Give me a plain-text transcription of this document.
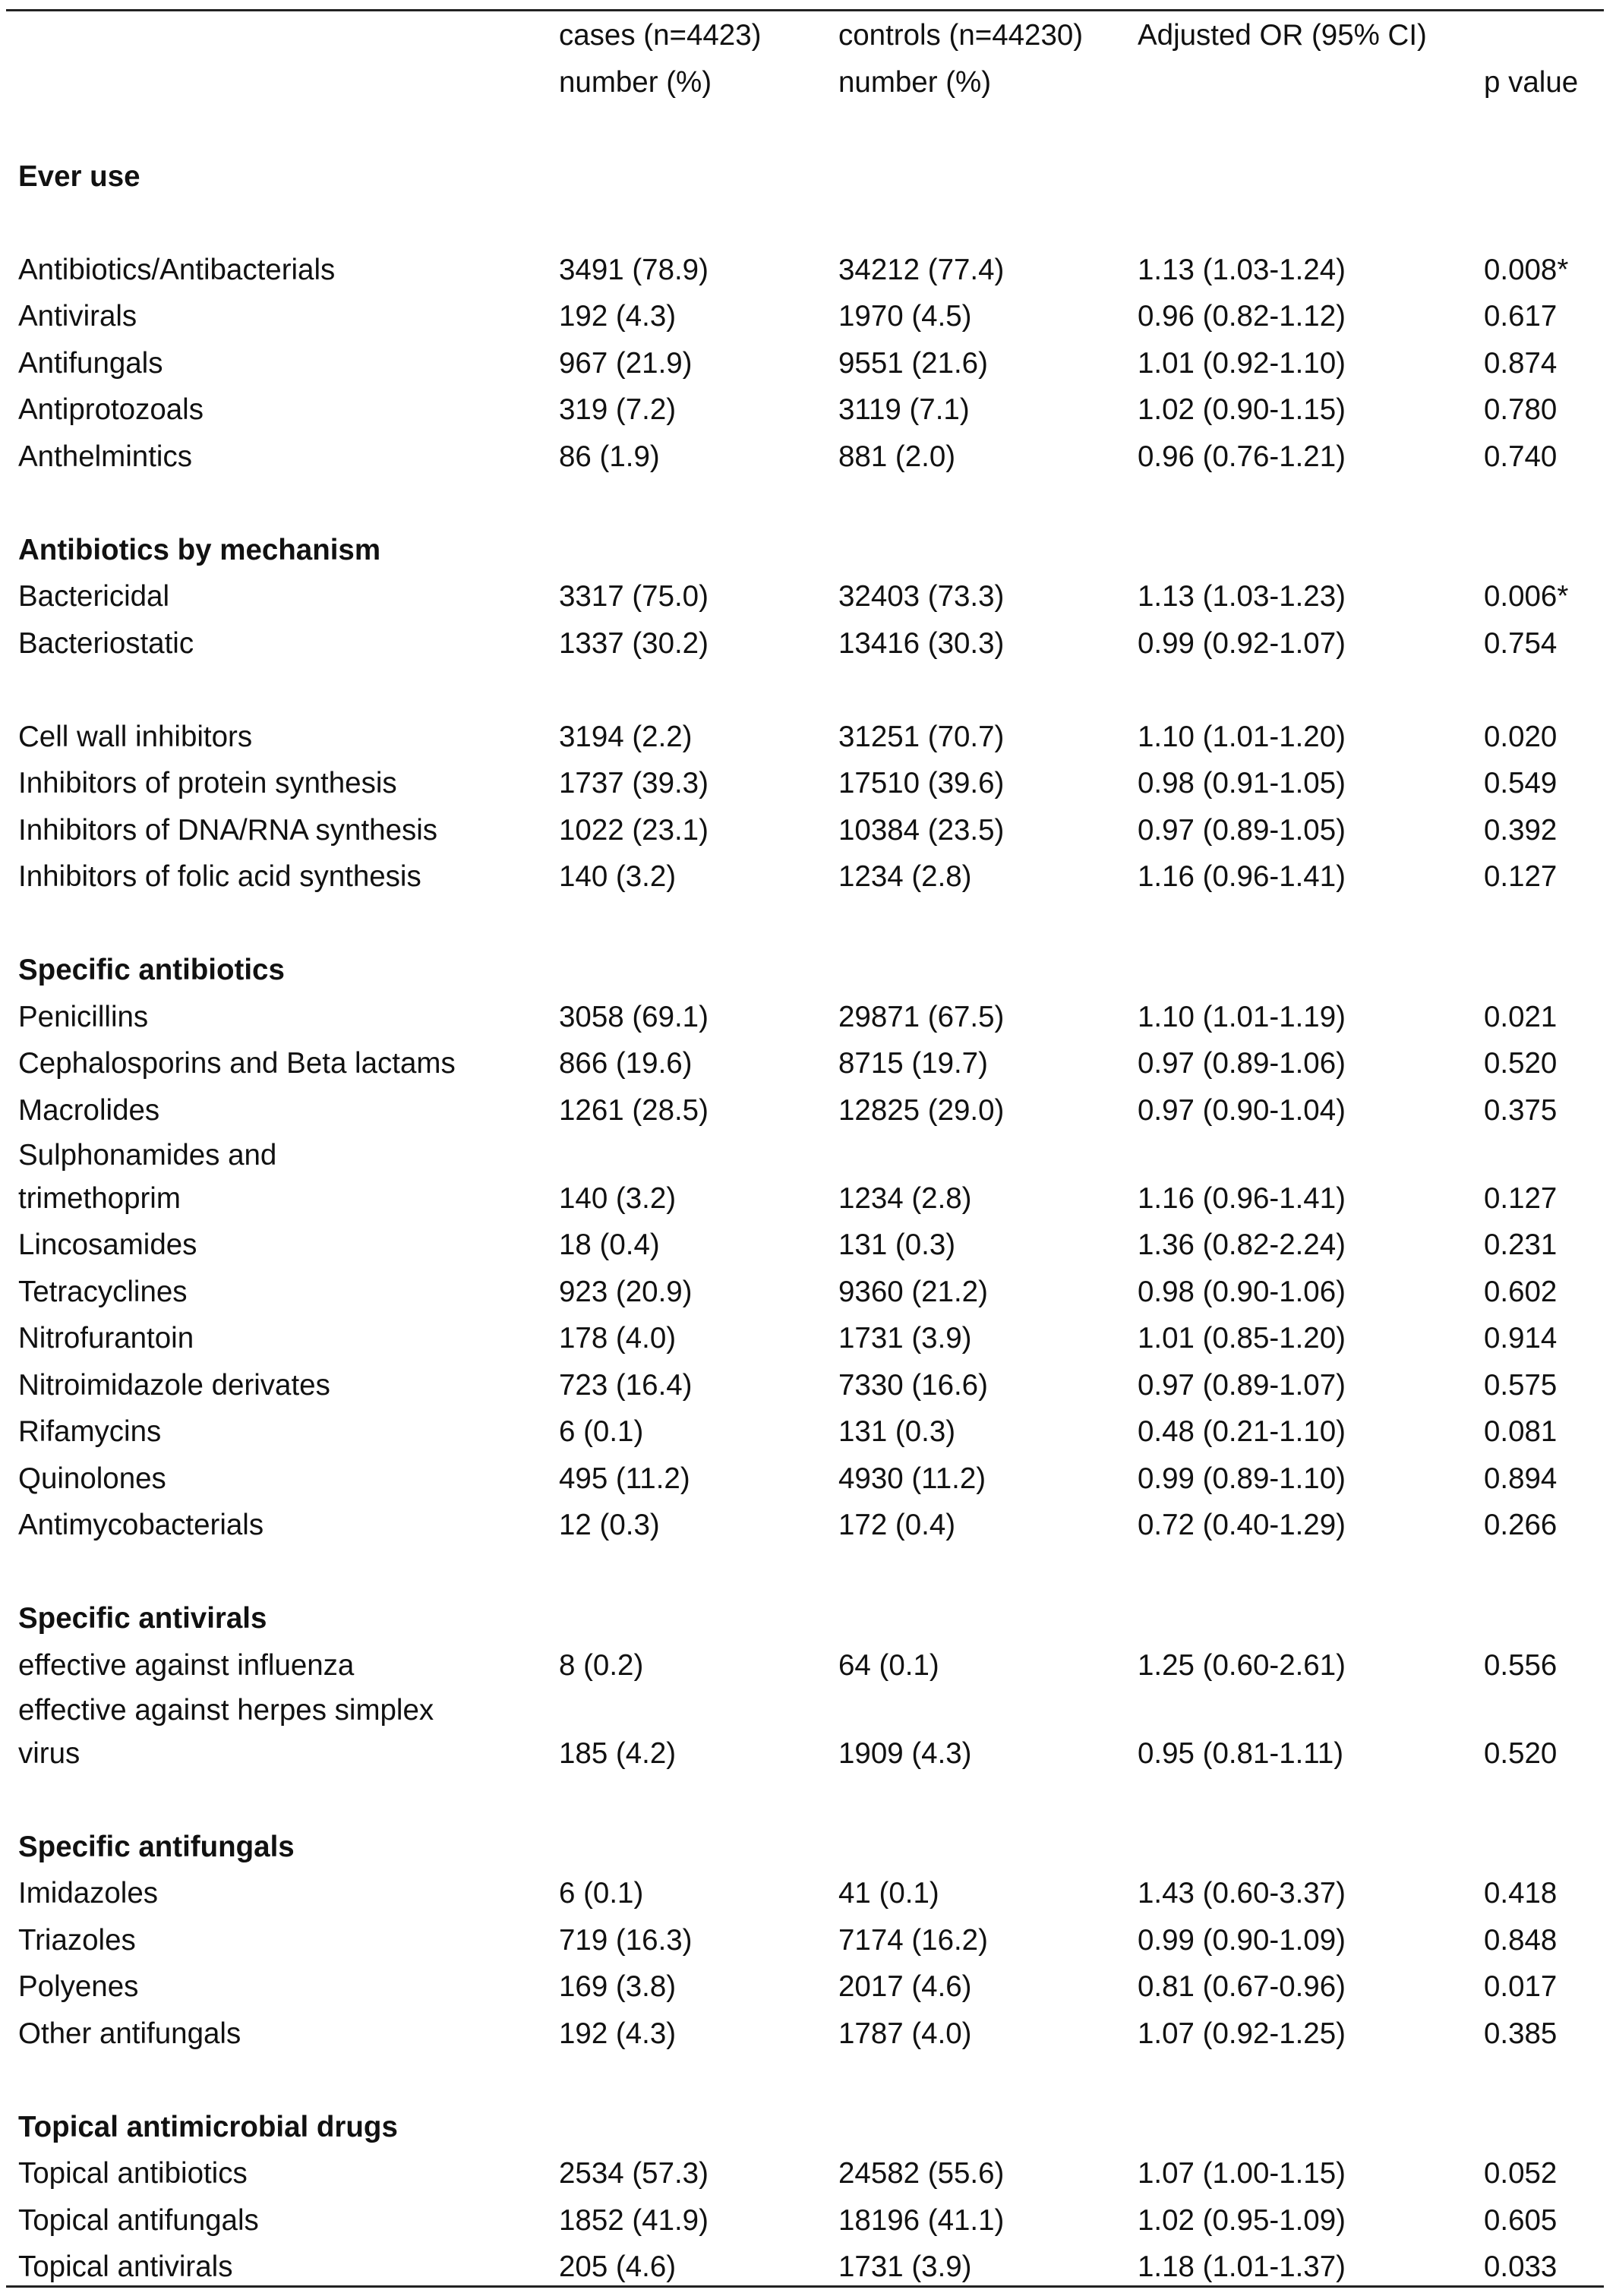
	cases (n=4423)	controls (n=44230)	Adjusted OR (95% CI)	
	number (%)	number (%)		p value

Ever use				

Antibiotics/Antibacterials	3491 (78.9)	34212 (77.4)	1.13 (1.03-1.24)	0.008*
Antivirals	192 (4.3)	1970 (4.5)	0.96 (0.82-1.12)	0.617
Antifungals	967 (21.9)	9551 (21.6)	1.01 (0.92-1.10)	0.874
Antiprotozoals	319 (7.2)	3119 (7.1)	1.02 (0.90-1.15)	0.780
Anthelmintics	86 (1.9)	881 (2.0)	0.96 (0.76-1.21)	0.740

Antibiotics by mechanism				
Bactericidal	3317 (75.0)	32403 (73.3)	1.13 (1.03-1.23)	0.006*
Bacteriostatic	1337 (30.2)	13416 (30.3)	0.99 (0.92-1.07)	0.754

Cell wall inhibitors	3194 (2.2)	31251 (70.7)	1.10 (1.01-1.20)	0.020
Inhibitors of protein synthesis	1737 (39.3)	17510 (39.6)	0.98 (0.91-1.05)	0.549
Inhibitors of DNA/RNA synthesis	1022 (23.1)	10384 (23.5)	0.97 (0.89-1.05)	0.392
Inhibitors of folic acid synthesis	140 (3.2)	1234 (2.8)	1.16 (0.96-1.41)	0.127

Specific antibiotics				
Penicillins	3058 (69.1)	29871 (67.5)	1.10 (1.01-1.19)	0.021
Cephalosporins and Beta lactams	866 (19.6)	8715 (19.7)	0.97 (0.89-1.06)	0.520
Macrolides	1261 (28.5)	12825 (29.0)	0.97 (0.90-1.04)	0.375
Sulphonamides and
trimethoprim	140 (3.2)	1234 (2.8)	1.16 (0.96-1.41)	0.127
Lincosamides	18 (0.4)	131 (0.3)	1.36 (0.82-2.24)	0.231
Tetracyclines	923 (20.9)	9360 (21.2)	0.98 (0.90-1.06)	0.602
Nitrofurantoin	178 (4.0)	1731 (3.9)	1.01 (0.85-1.20)	0.914
Nitroimidazole derivates	723 (16.4)	7330 (16.6)	0.97 (0.89-1.07)	0.575
Rifamycins	6 (0.1)	131 (0.3)	0.48 (0.21-1.10)	0.081
Quinolones	495 (11.2)	4930 (11.2)	0.99 (0.89-1.10)	0.894
Antimycobacterials	12 (0.3)	172 (0.4)	0.72 (0.40-1.29)	0.266

Specific antivirals				
effective against influenza	8 (0.2)	64 (0.1)	1.25 (0.60-2.61)	0.556
effective against herpes simplex
virus	185 (4.2)	1909 (4.3)	0.95 (0.81-1.11)	0.520

Specific antifungals				
Imidazoles	6 (0.1)	41 (0.1)	1.43 (0.60-3.37)	0.418
Triazoles	719 (16.3)	7174 (16.2)	0.99 (0.90-1.09)	0.848
Polyenes	169 (3.8)	2017 (4.6)	0.81 (0.67-0.96)	0.017
Other antifungals	192 (4.3)	1787 (4.0)	1.07 (0.92-1.25)	0.385

Topical antimicrobial drugs				
Topical antibiotics	2534 (57.3)	24582 (55.6)	1.07 (1.00-1.15)	0.052
Topical antifungals	1852 (41.9)	18196 (41.1)	1.02 (0.95-1.09)	0.605
Topical antivirals	205 (4.6)	1731 (3.9)	1.18 (1.01-1.37)	0.033
